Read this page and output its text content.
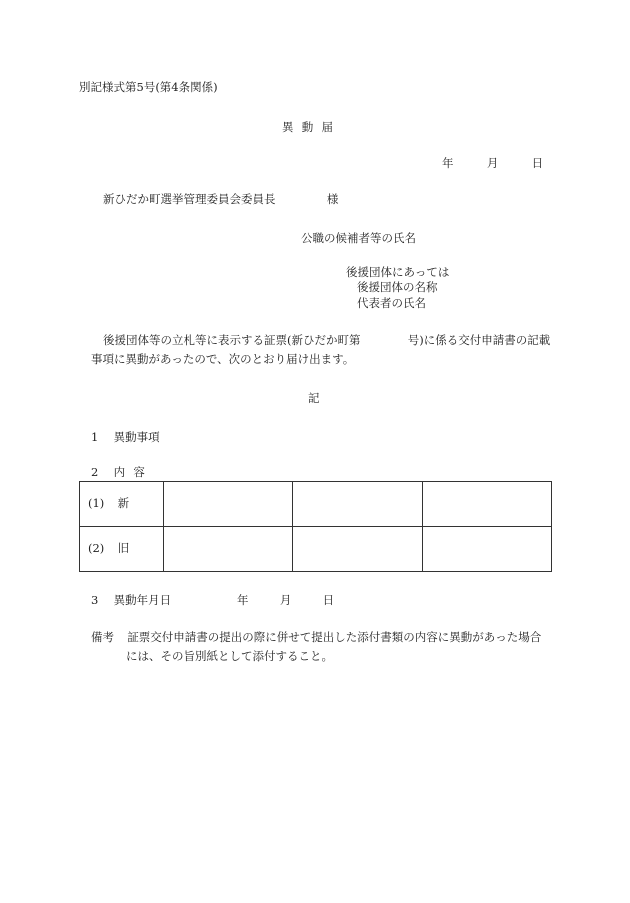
別記様式第5号(第4条関係)
異 動 届
年	月	日
新ひだか町選挙管理委員会委員長	様
公職の候補者等の氏名
後援団体にあっては
後援団体の名称
代表者の氏名
後援団体等の立札等に表示する証票(新ひだか町第	号)に係る交付申請書の記載
事項に異動があったので、次のとおり届け出ます。
記
1 異動事項
2 内 容
(1) 新			
(2) 旧			
3 異動年月日	年	月	日
備考 証票交付申請書の提出の際に併せて提出した添付書類の内容に異動があった場合
には、その旨別紙として添付すること。
